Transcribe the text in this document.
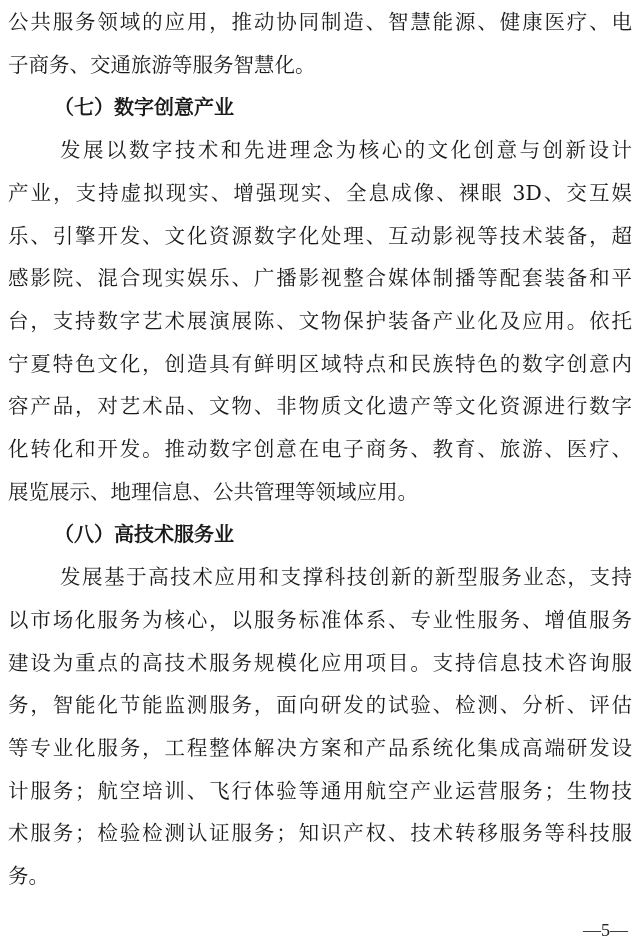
公共服务领域的应用，推动协同制造、智慧能源、健康医疗、电
子商务、交通旅游等服务智慧化。
（七）数字创意产业
发展以数字技术和先进理念为核心的文化创意与创新设计
产业，支持虚拟现实、增强现实、全息成像、裸眼 3D、交互娱
乐、引擎开发、文化资源数字化处理、互动影视等技术装备，超
感影院、混合现实娱乐、广播影视整合媒体制播等配套装备和平
台，支持数字艺术展演展陈、文物保护装备产业化及应用。依托
宁夏特色文化，创造具有鲜明区域特点和民族特色的数字创意内
容产品，对艺术品、文物、非物质文化遗产等文化资源进行数字
化转化和开发。推动数字创意在电子商务、教育、旅游、医疗、
展览展示、地理信息、公共管理等领域应用。
（八）高技术服务业
发展基于高技术应用和支撑科技创新的新型服务业态，支持
以市场化服务为核心，以服务标准体系、专业性服务、增值服务
建设为重点的高技术服务规模化应用项目。支持信息技术咨询服
务，智能化节能监测服务，面向研发的试验、检测、分析、评估
等专业化服务，工程整体解决方案和产品系统化集成高端研发设
计服务；航空培训、飞行体验等通用航空产业运营服务；生物技
术服务；检验检测认证服务；知识产权、技术转移服务等科技服
务。
—5—
